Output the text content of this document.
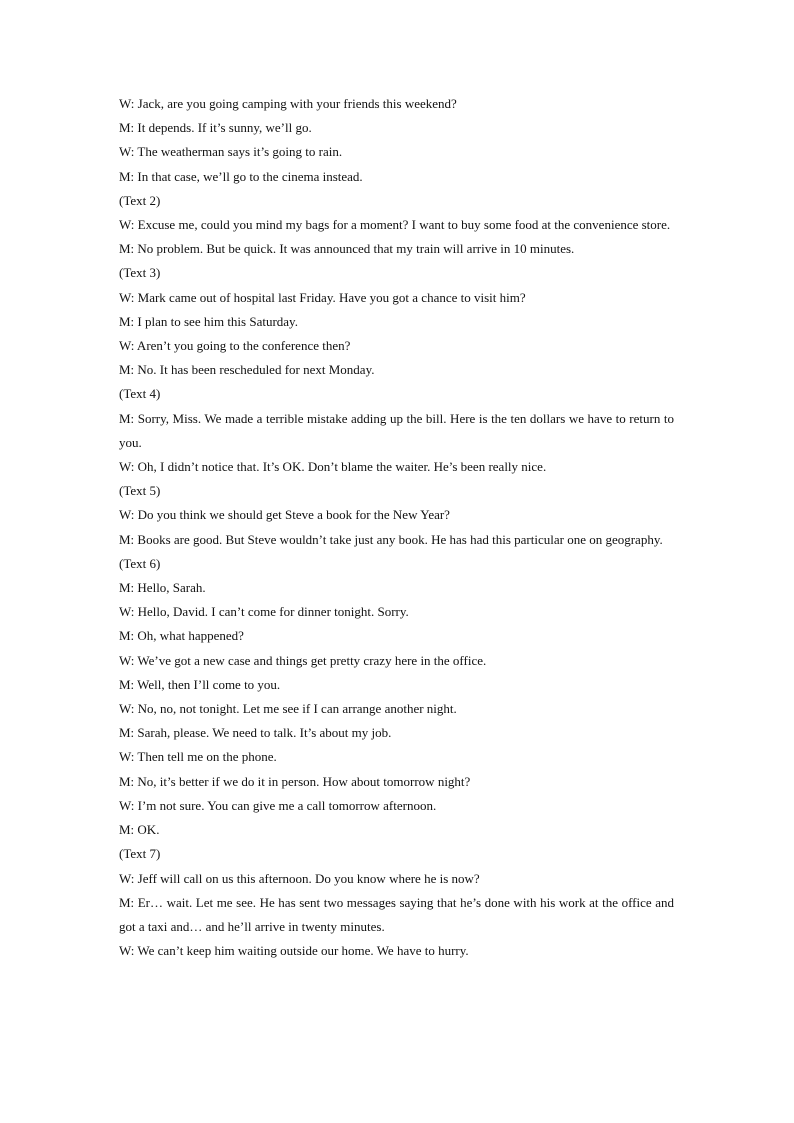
W: Jack, are you going camping with your friends this weekend?

M: It depends. If it’s sunny, we’ll go.

W: The weatherman says it’s going to rain.

M: In that case, we’ll go to the cinema instead.

(Text 2)

W: Excuse me, could you mind my bags for a moment? I want to buy some food at the convenience store.

M: No problem. But be quick. It was announced that my train will arrive in 10 minutes.

(Text 3)

W: Mark came out of hospital last Friday. Have you got a chance to visit him?

M: I plan to see him this Saturday.

W: Aren’t you going to the conference then?

M: No. It has been rescheduled for next Monday.

(Text 4)

M: Sorry, Miss. We made a terrible mistake adding up the bill. Here is the ten dollars we have to return to you.

W: Oh, I didn’t notice that. It’s OK. Don’t blame the waiter. He’s been really nice.

(Text 5)

W: Do you think we should get Steve a book for the New Year?

M: Books are good. But Steve wouldn’t take just any book. He has had this particular one on geography.

(Text 6)

M: Hello, Sarah.

W: Hello, David. I can’t come for dinner tonight. Sorry.

M: Oh, what happened?

W: We’ve got a new case and things get pretty crazy here in the office.

M: Well, then I’ll come to you.

W: No, no, not tonight. Let me see if I can arrange another night.

M: Sarah, please. We need to talk. It’s about my job.

W: Then tell me on the phone.

M: No, it’s better if we do it in person. How about tomorrow night?

W: I’m not sure. You can give me a call tomorrow afternoon.

M: OK.

(Text 7)

W: Jeff will call on us this afternoon. Do you know where he is now?

M: Er… wait. Let me see. He has sent two messages saying that he’s done with his work at the office and got a taxi and… and he’ll arrive in twenty minutes.

W: We can’t keep him waiting outside our home. We have to hurry.
